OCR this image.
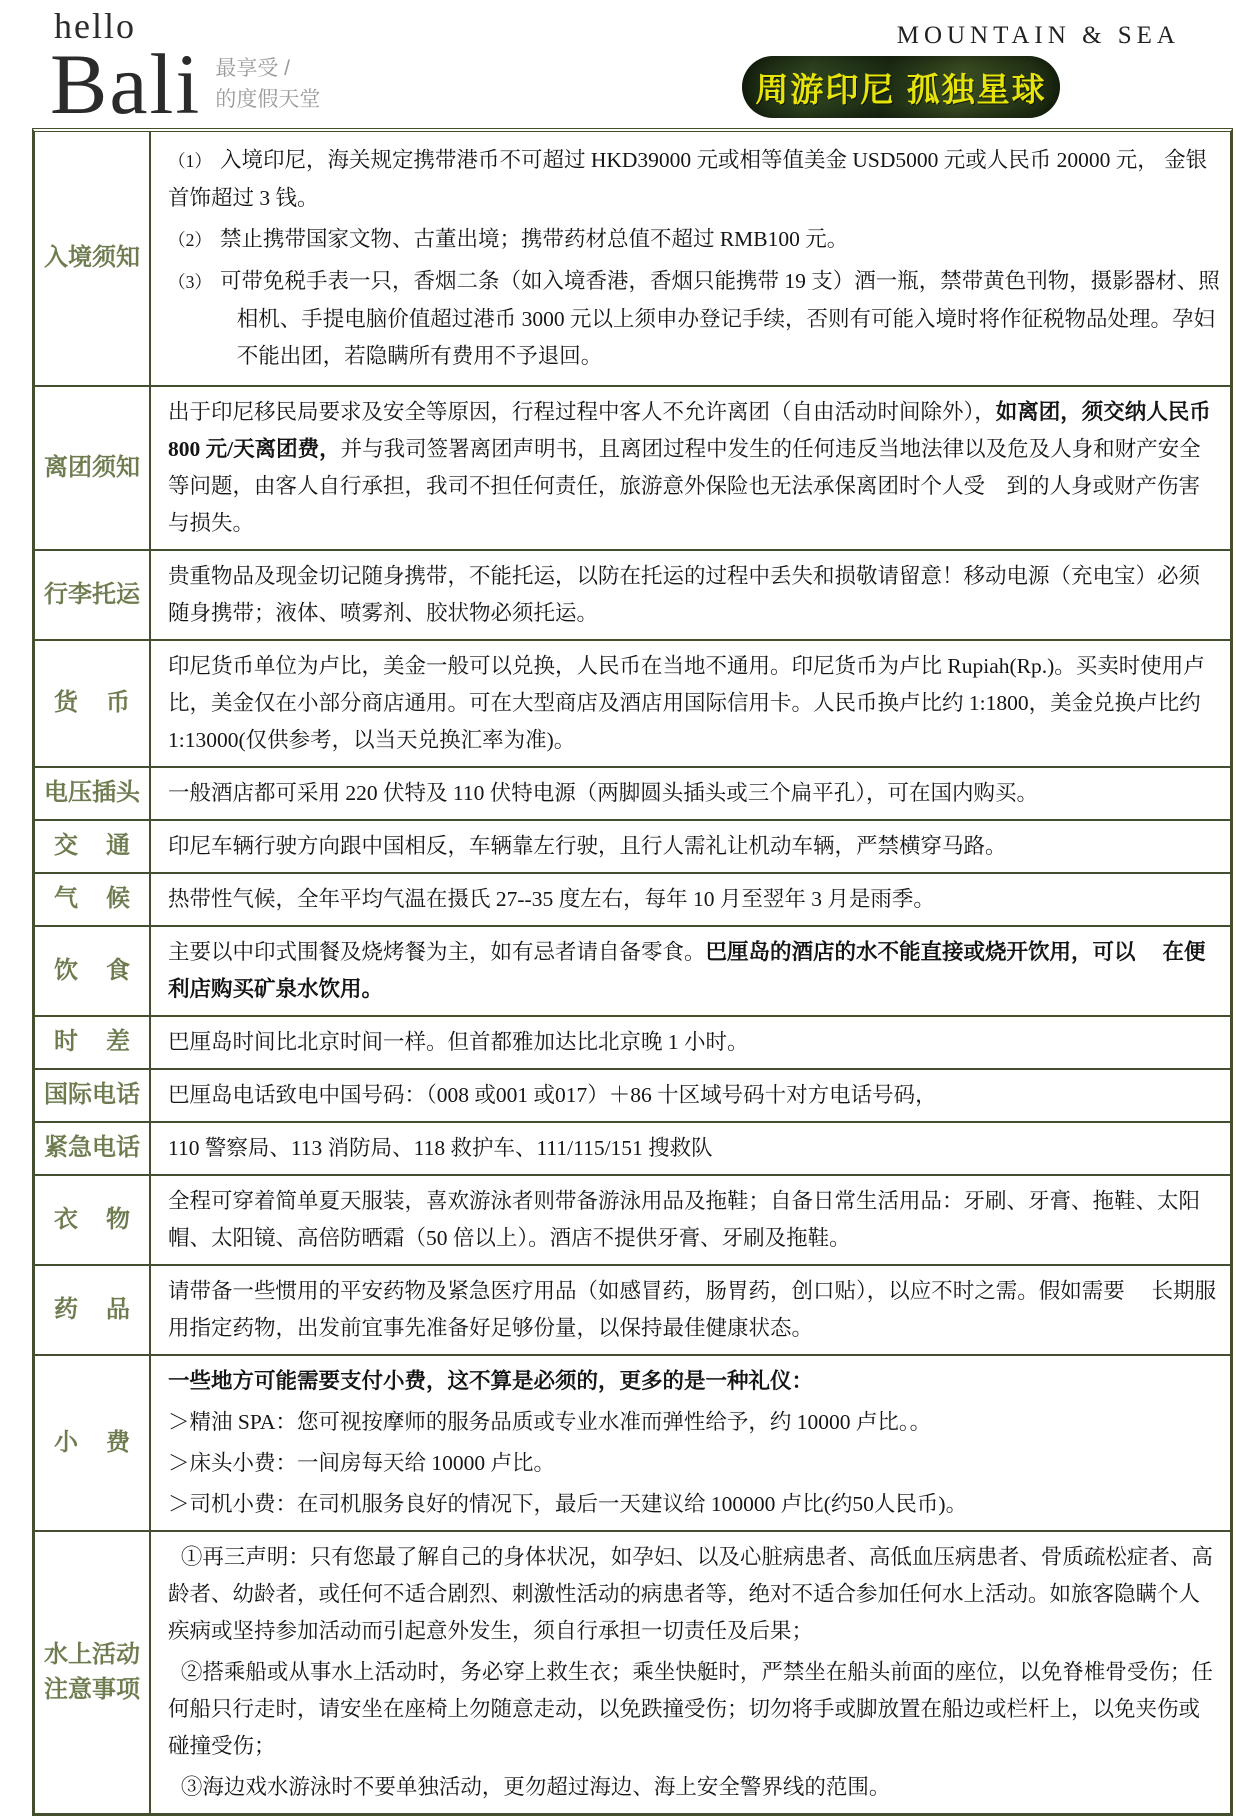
hello
Bali 最享受 /
的度假天堂
MOUNTAIN & SEA
周游印尼 孤独星球
入境须知
（1） 入境印尼，海关规定携带港币不可超过 HKD39000 元或相等值美金 USD5000 元或人民币 20000 元， 金银首饰超过 3 钱。
（2） 禁止携带国家文物、古董出境；携带药材总值不超过 RMB100 元。
（3） 可带免税手表一只，香烟二条（如入境香港，香烟只能携带 19 支）酒一瓶，禁带黄色刊物，摄影器材、照相机、手提电脑价值超过港币 3000 元以上须申办登记手续，否则有可能入境时将作征税物品处理。孕妇不能出团，若隐瞒所有费用不予退回。
离团须知
出于印尼移民局要求及安全等原因，行程过程中客人不允许离团（自由活动时间除外），如离团，须交纳人民币 800 元/天离团费，并与我司签署离团声明书，且离团过程中发生的任何违反当地法律以及危及人身和财产安全等问题，由客人自行承担，我司不担任何责任，旅游意外保险也无法承保离团时个人受　到的人身或财产伤害与损失。
行李托运
贵重物品及现金切记随身携带，不能托运，以防在托运的过程中丢失和损敬请留意！移动电源（充电宝）必须随身携带；液体、喷雾剂、胶状物必须托运。
货 币
印尼货币单位为卢比，美金一般可以兑换，人民币在当地不通用。印尼货币为卢比 Rupiah(Rp.)。买卖时使用卢比，美金仅在小部分商店通用。可在大型商店及酒店用国际信用卡。人民币换卢比约 1:1800，美金兑换卢比约 1:13000(仅供参考，以当天兑换汇率为准)。
电压插头 一般酒店都可采用 220 伏特及 110 伏特电源（两脚圆头插头或三个扁平孔），可在国内购买。
交 通 印尼车辆行驶方向跟中国相反，车辆靠左行驶，且行人需礼让机动车辆，严禁横穿马路。
气 候 热带性气候，全年平均气温在摄氏 27--35 度左右，每年 10 月至翌年 3 月是雨季。
饮 食
主要以中印式围餐及烧烤餐为主，如有忌者请自备零食。巴厘岛的酒店的水不能直接或烧开饮用，可以　 在便利店购买矿泉水饮用。
时 差 巴厘岛时间比北京时间一样。但首都雅加达比北京晚 1 小时。
国际电话 巴厘岛电话致电中国号码：（008 或001 或017）＋86 十区域号码十对方电话号码，
紧急电话 110 警察局、113 消防局、118 救护车、111/115/151 搜救队
衣 物
全程可穿着简单夏天服装，喜欢游泳者则带备游泳用品及拖鞋；自备日常生活用品：牙刷、牙膏、拖鞋、太阳帽、太阳镜、高倍防晒霜（50 倍以上）。酒店不提供牙膏、牙刷及拖鞋。
药 品
请带备一些惯用的平安药物及紧急医疗用品（如感冒药，肠胃药，创口贴），以应不时之需。假如需要　 长期服用指定药物，出发前宜事先准备好足够份量，以保持最佳健康状态。
小 费
一些地方可能需要支付小费，这不算是必须的，更多的是一种礼仪：
＞精油 SPA：您可视按摩师的服务品质或专业水准而弹性给予，约 10000 卢比。。
＞床头小费：一间房每天给 10000 卢比。
＞司机小费：在司机服务良好的情况下，最后一天建议给 100000 卢比(约50人民币)。
水上活动
注意事项
①再三声明：只有您最了解自己的身体状况，如孕妇、以及心脏病患者、高低血压病患者、骨质疏松症者、高龄者、幼龄者，或任何不适合剧烈、刺激性活动的病患者等，绝对不适合参加任何水上活动。如旅客隐瞒个人疾病或坚持参加活动而引起意外发生，须自行承担一切责任及后果；
②搭乘船或从事水上活动时，务必穿上救生衣；乘坐快艇时，严禁坐在船头前面的座位，以免脊椎骨受伤；任何船只行走时，请安坐在座椅上勿随意走动，以免跌撞受伤；切勿将手或脚放置在船边或栏杆上，以免夹伤或碰撞受伤；
③海边戏水游泳时不要单独活动，更勿超过海边、海上安全警界线的范围。
